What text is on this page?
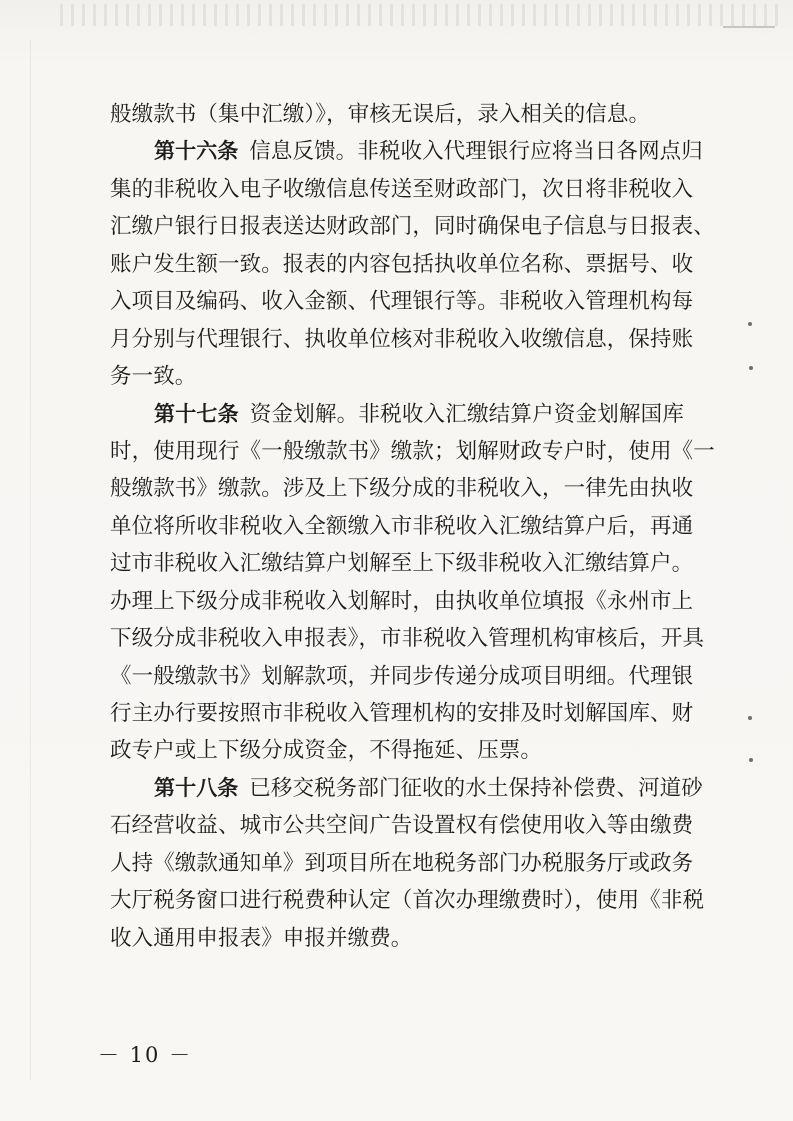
般缴款书（集中汇缴）》，审核无误后，录入相关的信息。
第十六条  信息反馈。非税收入代理银行应将当日各网点归
集的非税收入电子收缴信息传送至财政部门，次日将非税收入
汇缴户银行日报表送达财政部门，同时确保电子信息与日报表、
账户发生额一致。报表的内容包括执收单位名称、票据号、收
入项目及编码、收入金额、代理银行等。非税收入管理机构每
月分别与代理银行、执收单位核对非税收入收缴信息，保持账
务一致。
第十七条  资金划解。非税收入汇缴结算户资金划解国库
时，使用现行《一般缴款书》缴款；划解财政专户时，使用《一
般缴款书》缴款。涉及上下级分成的非税收入，一律先由执收
单位将所收非税收入全额缴入市非税收入汇缴结算户后，再通
过市非税收入汇缴结算户划解至上下级非税收入汇缴结算户。
办理上下级分成非税收入划解时，由执收单位填报《永州市上
下级分成非税收入申报表》，市非税收入管理机构审核后，开具
《一般缴款书》划解款项，并同步传递分成项目明细。代理银
行主办行要按照市非税收入管理机构的安排及时划解国库、财
政专户或上下级分成资金，不得拖延、压票。
第十八条  已移交税务部门征收的水土保持补偿费、河道砂
石经营收益、城市公共空间广告设置权有偿使用收入等由缴费
人持《缴款通知单》到项目所在地税务部门办税服务厅或政务
大厅税务窗口进行税费种认定（首次办理缴费时），使用《非税
收入通用申报表》申报并缴费。
－ 10 －
